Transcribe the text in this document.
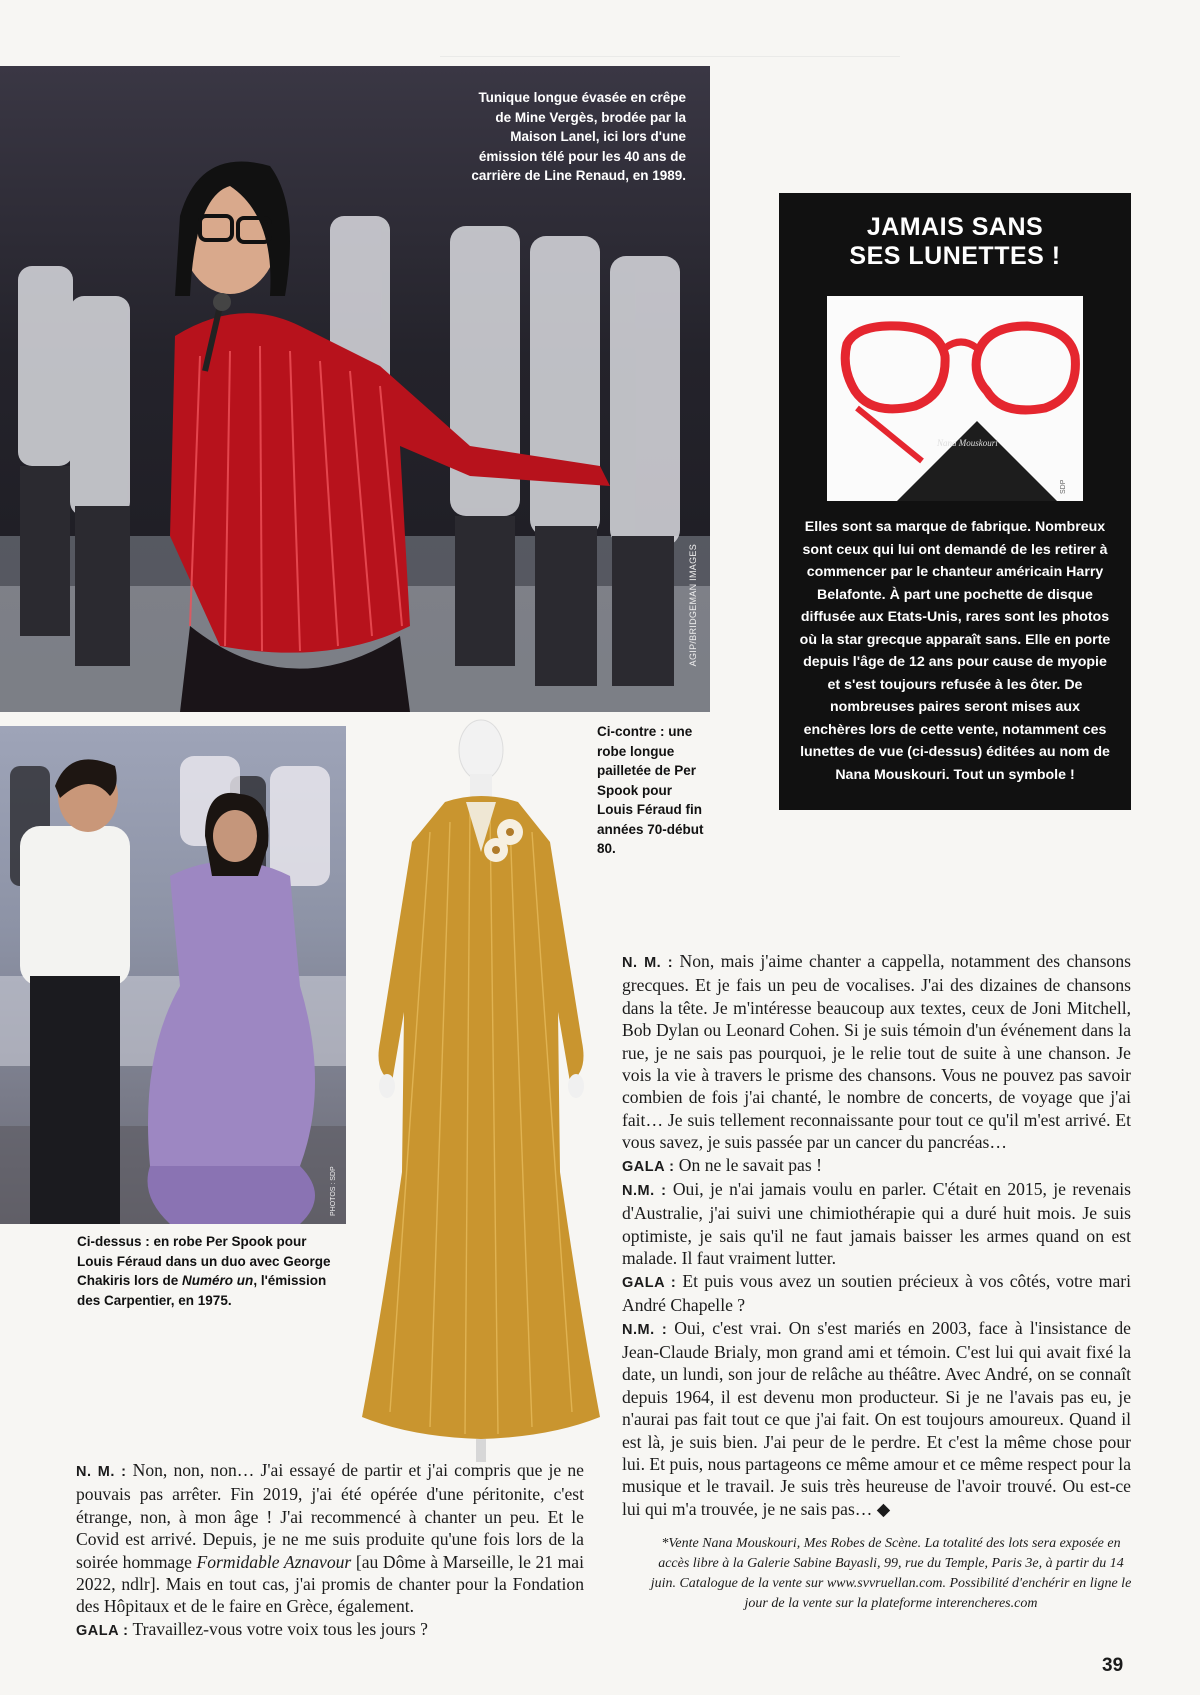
Tunique longue évasée en crêpe de Mine Vergès, brodée par la Maison Lanel, ici lors d'une émission télé pour les 40 ans de carrière de Line Renaud, en 1989.
AGIP/BRIDGEMAN IMAGES
JAMAIS SANS
SES LUNETTES !
Nana Mouskouri
SDP
Elles sont sa marque de fabrique. Nombreux sont ceux qui lui ont demandé de les retirer à commencer par le chanteur américain Harry Belafonte. À part une pochette de disque diffusée aux Etats-Unis, rares sont les photos où la star grecque apparaît sans. Elle en porte depuis l'âge de 12 ans pour cause de myopie et s'est toujours refusée à les ôter. De nombreuses paires seront mises aux enchères lors de cette vente, notamment ces lunettes de vue (ci-dessus) éditées au nom de Nana Mouskouri. Tout un symbole !
PHOTOS : SDP
Ci-dessus : en robe Per Spook pour Louis Féraud dans un duo avec George Chakiris lors de Numéro un, l'émission des Carpentier, en 1975.
Ci-contre : une robe longue pailletée de Per Spook pour Louis Féraud fin années 70-début 80.

N. M. : Non, non, non… J'ai essayé de partir et j'ai compris que je ne pouvais pas arrêter. Fin 2019, j'ai été opérée d'une péritonite, c'est étrange, non, à mon âge ! J'ai recommencé à chanter un peu. Et le Covid est arrivé. Depuis, je ne me suis produite qu'une fois lors de la soirée hommage Formidable Aznavour [au Dôme à Marseille, le 21 mai 2022, ndlr]. Mais en tout cas, j'ai promis de chanter pour la Fondation des Hôpitaux et de le faire en Grèce, également.

GALA : Travaillez-vous votre voix tous les jours ?

N. M. : Non, mais j'aime chanter a cappella, notamment des chansons grecques. Et je fais un peu de vocalises. J'ai des dizaines de chansons dans la tête. Je m'intéresse beaucoup aux textes, ceux de Joni Mitchell, Bob Dylan ou Leonard Cohen. Si je suis témoin d'un événement dans la rue, je ne sais pas pourquoi, je le relie tout de suite à une chanson. Je vois la vie à travers le prisme des chansons. Vous ne pouvez pas savoir combien de fois j'ai chanté, le nombre de concerts, de voyage que j'ai fait… Je suis tellement reconnaissante pour tout ce qu'il m'est arrivé. Et vous savez, je suis passée par un cancer du pancréas…

GALA : On ne le savait pas !

N.M. : Oui, je n'ai jamais voulu en parler. C'était en 2015, je revenais d'Australie, j'ai suivi une chimiothérapie qui a duré huit mois. Je suis optimiste, je sais qu'il ne faut jamais baisser les armes quand on est malade. Il faut vraiment lutter.

GALA : Et puis vous avez un soutien précieux à vos côtés, votre mari André Chapelle ?

N.M. : Oui, c'est vrai. On s'est mariés en 2003, face à l'insistance de Jean-Claude Brialy, mon grand ami et témoin. C'est lui qui avait fixé la date, un lundi, son jour de relâche au théâtre. Avec André, on se connaît depuis 1964, il est devenu mon producteur. Si je ne l'avais pas eu, je n'aurai pas fait tout ce que j'ai fait. On est toujours amoureux. Quand il est là, je suis bien. J'ai peur de le perdre. Et c'est la même chose pour lui. Et puis, nous partageons ce même amour et ce même respect pour la musique et le travail. Je suis très heureuse de l'avoir trouvé. Ou est-ce lui qui m'a trouvée, je ne sais pas… ◆

*Vente Nana Mouskouri, Mes Robes de Scène. La totalité des lots sera exposée en accès libre à la Galerie Sabine Bayasli, 99, rue du Temple, Paris 3e, à partir du 14 juin. Catalogue de la vente sur www.svvruellan.com. Possibilité d'enchérir en ligne le jour de la vente sur la plateforme interencheres.com
39
